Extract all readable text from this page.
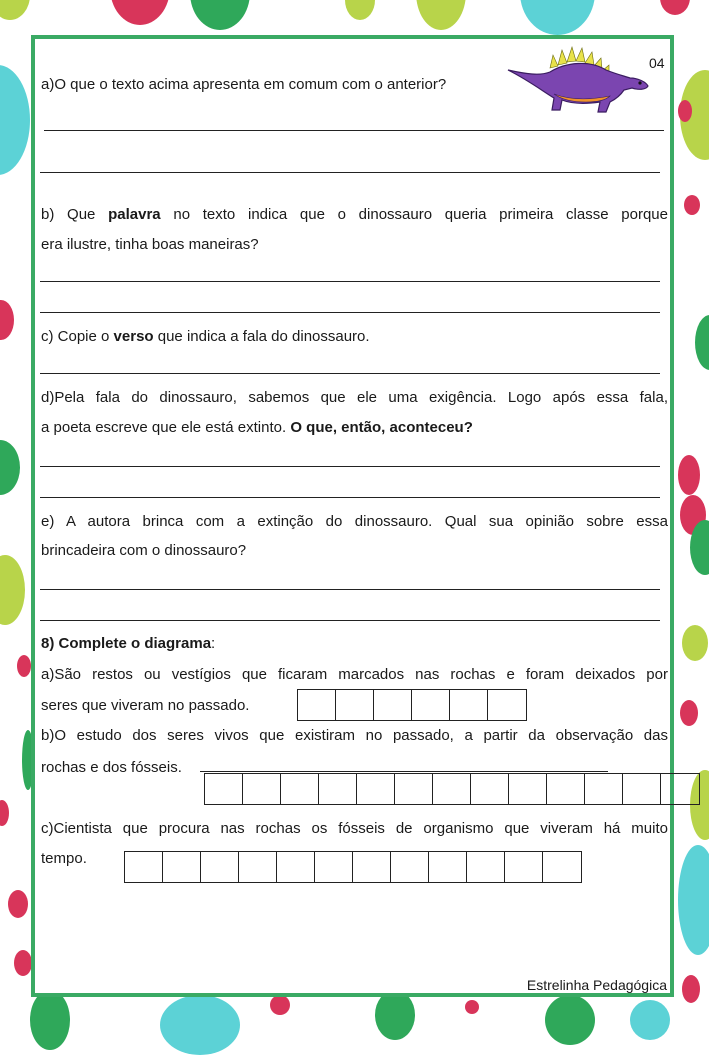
04
a)O que o texto acima apresenta em comum com o anterior?
b) Que palavra no texto indica que o dinossauro queria primeira classe porque
era ilustre, tinha boas maneiras?
c) Copie o verso que indica a fala do dinossauro.
d)Pela fala do dinossauro, sabemos que ele uma exigência. Logo após essa fala,
a poeta escreve que ele está extinto. O que, então, aconteceu?
e) A autora brinca com a extinção do dinossauro. Qual sua opinião sobre essa
brincadeira com o dinossauro?
8) Complete o diagrama:
a)São restos ou vestígios que ficaram marcados nas rochas e foram deixados por
seres que viveram no passado.
b)O estudo dos seres vivos que existiram no passado, a partir da observação das
rochas e dos fósseis.
c)Cientista que procura nas rochas os fósseis de organismo que viveram há muito
tempo.
Estrelinha Pedagógica
